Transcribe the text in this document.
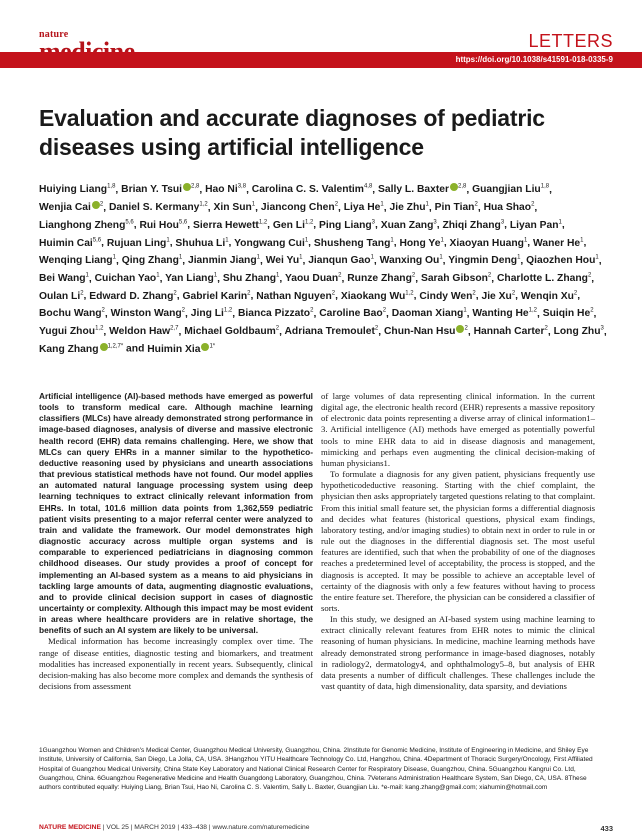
nature	LETTERS
https://doi.org/10.1038/s41591-018-0335-9
Evaluation and accurate diagnoses of pediatric diseases using artificial intelligence
Huiying Liang$^{1,8}$, Brian Y. Tsui $^{2,8}$, Hao Ni$^{3,8}$, Carolina C. S. Valentim$^{4,8}$, Sally L. Baxter $^{2,8}$, Guangjian Liu$^{1,8}$, Wenjia Cai $^2$, Daniel S. Kermany$^{1,2}$, Xin Sun$^1$, Jiancong Chen$^2$, Liya He$^1$, Jie Zhu$^1$, Pin Tian$^2$, Hua Shao$^2$, Lianghong Zheng$^{5,6}$, Rui Hou$^{5,6}$, Sierra Hewett$^{1,2}$, Gen Li$^{1,2}$, Ping Liang$^3$, Xuan Zang$^3$, Zhiqi Zhang$^3$, Liyan Pan$^1$, Huimin Cai$^{5,6}$, Rujuan Ling$^1$, Shuhua Li$^1$, Yongwang Cui$^1$, Shusheng Tang$^1$, Hong Ye$^1$, Xiaoyan Huang$^1$, Waner He$^1$, Wenqing Liang$^1$, Qing Zhang$^1$, Jianmin Jiang$^1$, Wei Yu$^1$, Jianqun Gao$^1$, Wanxing Ou$^1$, Yingmin Deng$^1$, Qiaozhen Hou$^1$, Bei Wang$^1$, Cuichan Yao$^1$, Yan Liang$^1$, Shu Zhang$^1$, Yaou Duan$^2$, Runze Zhang$^2$, Sarah Gibson$^2$, Charlotte L. Zhang$^2$, Oulan Li$^2$, Edward D. Zhang$^2$, Gabriel Karin$^2$, Nathan Nguyen$^2$, Xiaokang Wu$^{1,2}$, Cindy Wen$^2$, Jie Xu$^2$, Wenqin Xu$^2$, Bochu Wang$^2$, Winston Wang$^2$, Jing Li$^{1,2}$, Bianca Pizzato$^2$, Caroline Bao$^2$, Daoman Xiang$^1$, Wanting He$^{1,2}$, Suiqin He$^2$, Yugui Zhou$^{1,2}$, Weldon Haw$^{2,7}$, Michael Goldbaum$^2$, Adriana Tremoulet$^2$, Chun-Nan Hsu $^2$, Hannah Carter$^2$, Long Zhu$^3$, Kang Zhang $^{1,2,7*}$ and Huimin Xia $^{1*}$

Artificial intelligence (AI)-based methods have emerged as powerful tools to transform medical care. Although machine learning classifiers (MLCs) have already demonstrated strong performance in image-based diagnoses, analysis of diverse and massive electronic health record (EHR) data remains challenging. Here, we show that MLCs can query EHRs in a manner similar to the hypothetico-deductive reasoning used by physicians and unearth associations that previous statistical methods have not found. Our model applies an automated natural language processing system using deep learning techniques to extract clinically relevant information from EHRs. In total, 101.6 million data points from 1,362,559 pediatric patient visits presenting to a major referral center were analyzed to train and validate the framework. Our model demonstrates high diagnostic accuracy across multiple organ systems and is comparable to experienced pediatricians in diagnosing common childhood diseases. Our study provides a proof of concept for implementing an AI-based system as a means to aid physicians in tackling large amounts of data, augmenting diagnostic evaluations, and to provide clinical decision support in cases of diagnostic uncertainty or complexity. Although this impact may be most evident in areas where healthcare providers are in relative shortage, the benefits of such an AI system are likely to be universal.

Medical information has become increasingly complex over time. The range of disease entities, diagnostic testing and biomarkers, and treatment modalities has increased exponentially in recent years. Subsequently, clinical decision-making has also become more complex and demands the synthesis of decisions from assessment

of large volumes of data representing clinical information. In the current digital age, the electronic health record (EHR) represents a massive repository of electronic data points representing a diverse array of clinical information1–3. Artificial intelligence (AI) methods have emerged as potentially powerful tools to mine EHR data to aid in disease diagnosis and management, mimicking and perhaps even augmenting the clinical decision-making of human physicians1.

To formulate a diagnosis for any given patient, physicians frequently use hypotheticodeductive reasoning. Starting with the chief complaint, the physician then asks appropriately targeted questions relating to that complaint. From this initial small feature set, the physician forms a differential diagnosis and decides what features (historical questions, physical exam findings, laboratory testing, and/or imaging studies) to obtain next in order to rule in or rule out the diagnoses in the differential diagnosis set. The most useful features are identified, such that when the probability of one of the diagnoses reaches a predetermined level of acceptability, the process is stopped, and the diagnosis is accepted. It may be possible to achieve an acceptable level of certainty of the diagnosis with only a few features without having to process the entire feature set. Therefore, the physician can be considered a classifier of sorts.

In this study, we designed an AI-based system using machine learning to extract clinically relevant features from EHR notes to mimic the clinical reasoning of human physicians. In medicine, machine learning methods have already demonstrated strong performance in image-based diagnoses, notably in radiology2, dermatology4, and ophthalmology5–8, but analysis of EHR data presents a number of difficult challenges. These challenges include the vast quantity of data, high dimensionality, data sparsity, and deviations

1Guangzhou Women and Children's Medical Center, Guangzhou Medical University, Guangzhou, China. 2Institute for Genomic Medicine, Institute of Engineering in Medicine, and Shiley Eye Institute, University of California, San Diego, La Jolla, CA, USA. 3Hangzhou YITU Healthcare Technology Co. Ltd, Hangzhou, China. 4Department of Thoracic Surgery/Oncology, First Affiliated Hospital of Guangzhou Medical University, China State Key Laboratory and National Clinical Research Center for Respiratory Disease, Guangzhou, China. 5Guangzhou Kangrui Co. Ltd, Guangzhou, China. 6Guangzhou Regenerative Medicine and Health Guangdong Laboratory, Guangzhou, China. 7Veterans Administration Healthcare System, San Diego, CA, USA. 8These authors contributed equally: Huiying Liang, Brian Tsui, Hao Ni, Carolina C. S. Valentim, Sally L. Baxter, Guangjian Liu. *e-mail: kang.zhang@gmail.com; xiahumin@hotmail.com
NATURE MEDICINE | VOL 25 | MARCH 2019 | 433–438 | www.nature.com/naturemedicine	433
